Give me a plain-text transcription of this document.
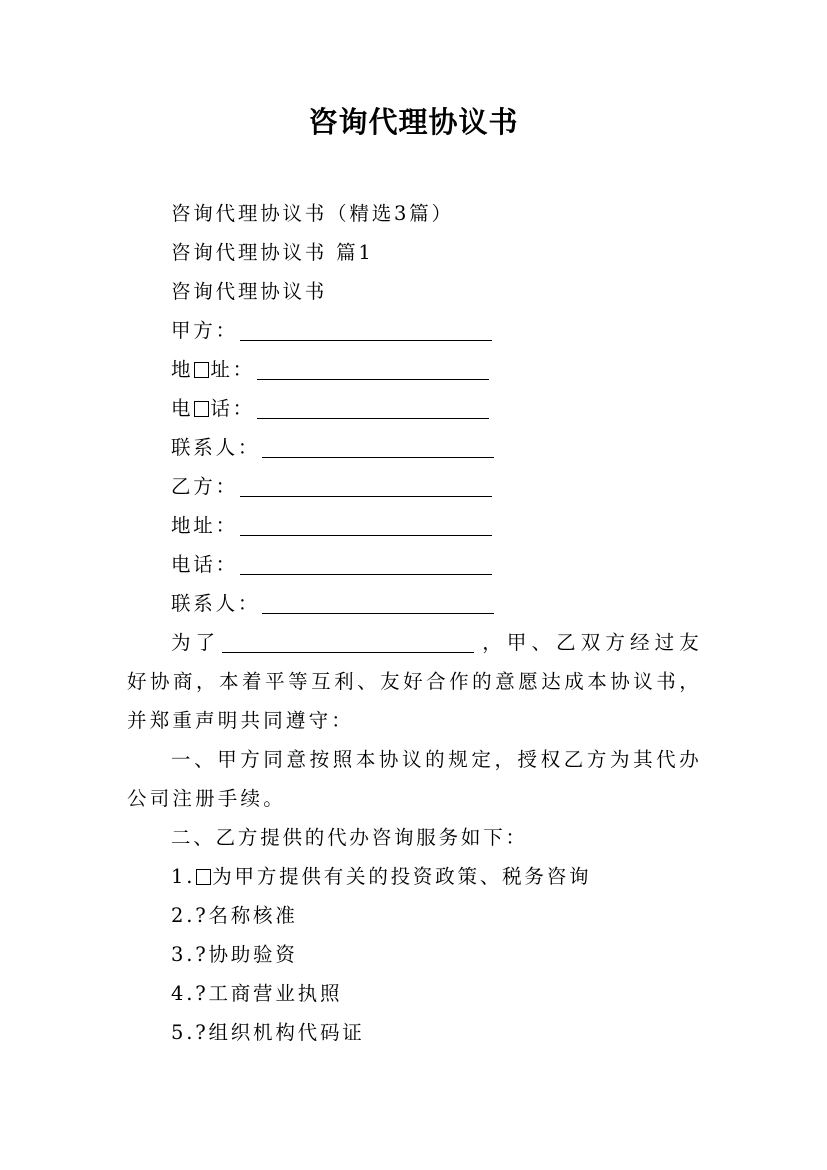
咨询代理协议书
咨询代理协议书（精选3篇）
咨询代理协议书 篇1
咨询代理协议书
甲方：
地 址：
电 话：
联系人：
乙方：
地址：
电话：
联系人：
为了	，甲、乙双方经过友好协商，本着平等互利、友好合作的意愿达成本协议书，并郑重声明共同遵守：
一、甲方同意按照本协议的规定，授权乙方为其代办公司注册手续。
二、乙方提供的代办咨询服务如下：
1. 为甲方提供有关的投资政策、税务咨询
2.?名称核准
3.?协助验资
4.?工商营业执照
5.?组织机构代码证
